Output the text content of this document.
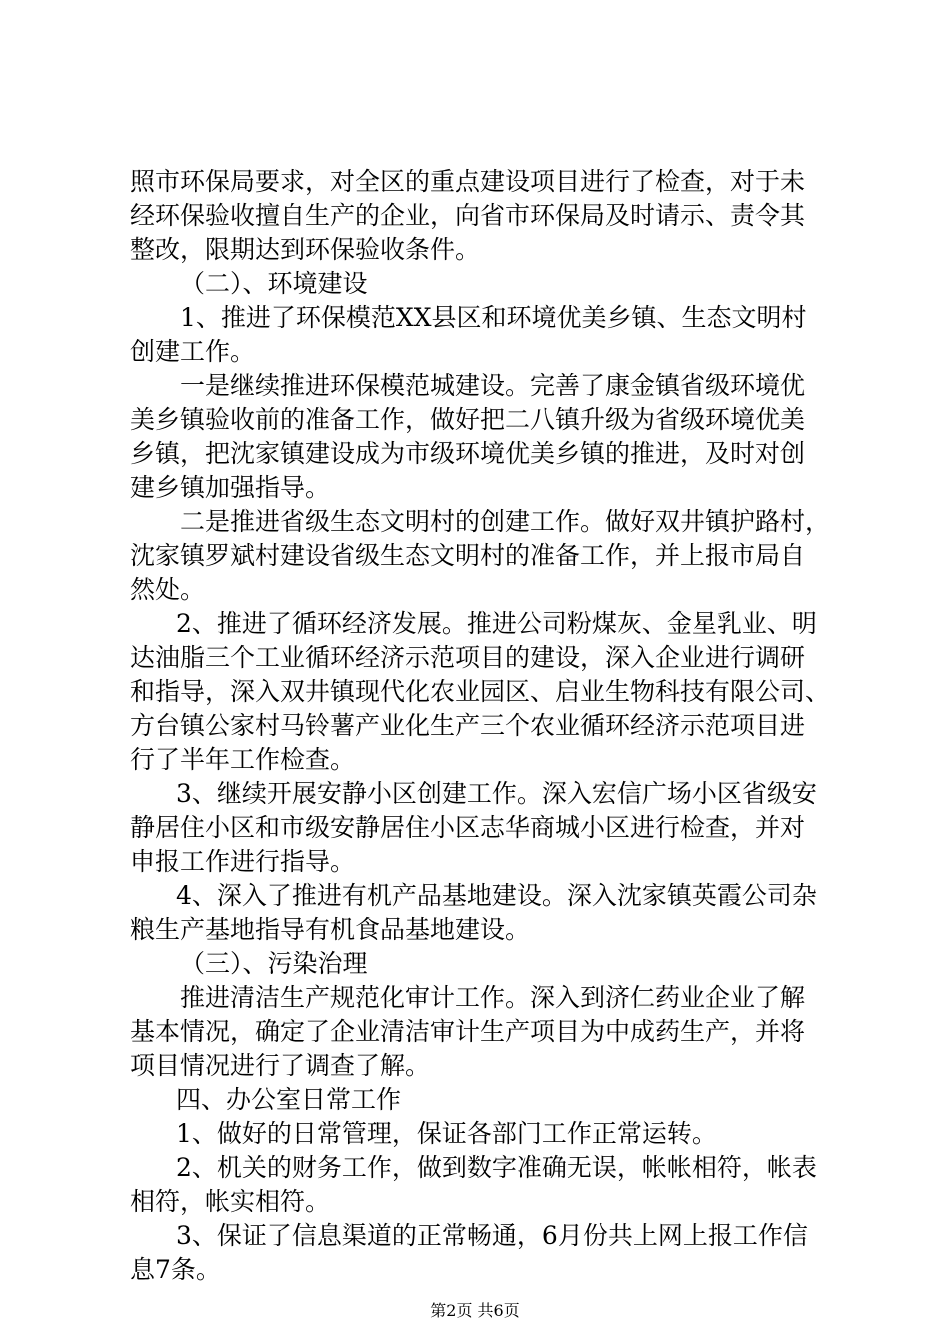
照市环保局要求，对全区的重点建设项目进行了检查，对于未
经环保验收擅自生产的企业，向省市环保局及时请示、责令其
整改，限期达到环保验收条件。
（二）、环境建设
1、推进了环保模范XX县区和环境优美乡镇、生态文明村
创建工作。
一是继续推进环保模范城建设。完善了康金镇省级环境优
美乡镇验收前的准备工作，做好把二八镇升级为省级环境优美
乡镇，把沈家镇建设成为市级环境优美乡镇的推进，及时对创
建乡镇加强指导。
二是推进省级生态文明村的创建工作。做好双井镇护路村，
沈家镇罗斌村建设省级生态文明村的准备工作，并上报市局自
然处。
2、推进了循环经济发展。推进公司粉煤灰、金星乳业、明
达油脂三个工业循环经济示范项目的建设，深入企业进行调研
和指导，深入双井镇现代化农业园区、启业生物科技有限公司、
方台镇公家村马铃薯产业化生产三个农业循环经济示范项目进
行了半年工作检查。
3、继续开展安静小区创建工作。深入宏信广场小区省级安
静居住小区和市级安静居住小区志华商城小区进行检查，并对
申报工作进行指导。
4、深入了推进有机产品基地建设。深入沈家镇英霞公司杂
粮生产基地指导有机食品基地建设。
（三）、污染治理
推进清洁生产规范化审计工作。深入到济仁药业企业了解
基本情况，确定了企业清洁审计生产项目为中成药生产，并将
项目情况进行了调查了解。
四、办公室日常工作
1、做好的日常管理，保证各部门工作正常运转。
2、机关的财务工作，做到数字准确无误，帐帐相符，帐表
相符，帐实相符。
3、保证了信息渠道的正常畅通，6月份共上网上报工作信
息7条。
第2页 共6页
